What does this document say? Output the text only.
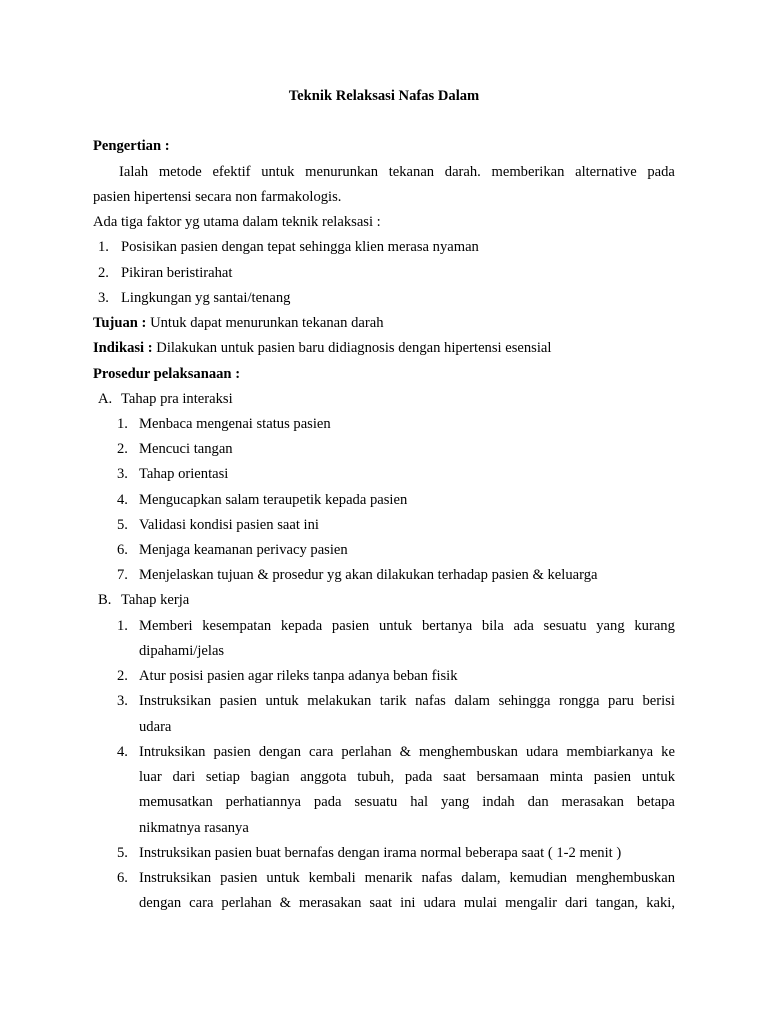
Teknik Relaksasi Nafas Dalam
Pengertian :
Ialah metode efektif untuk menurunkan tekanan darah. memberikan alternative pada
pasien hipertensi secara non farmakologis.
Ada tiga faktor yg utama dalam teknik relaksasi :
1. Posisikan pasien dengan tepat sehingga klien merasa nyaman
2. Pikiran beristirahat
3. Lingkungan yg santai/tenang
Tujuan : Untuk dapat menurunkan tekanan darah
Indikasi : Dilakukan untuk pasien baru didiagnosis dengan hipertensi esensial
Prosedur pelaksanaan :
A. Tahap pra interaksi
1. Menbaca mengenai status pasien
2. Mencuci tangan
3. Tahap orientasi
4. Mengucapkan salam teraupetik kepada pasien
5. Validasi kondisi pasien saat ini
6. Menjaga keamanan perivacy pasien
7. Menjelaskan tujuan & prosedur yg akan dilakukan terhadap pasien & keluarga
B. Tahap kerja
1. Memberi kesempatan kepada pasien untuk bertanya bila ada sesuatu yang kurang
dipahami/jelas
2. Atur posisi pasien agar rileks tanpa adanya beban fisik
3. Instruksikan pasien untuk melakukan tarik nafas dalam sehingga rongga paru berisi
udara
4. Intruksikan pasien dengan cara perlahan & menghembuskan udara membiarkanya ke
luar dari setiap bagian anggota tubuh, pada saat bersamaan minta pasien untuk
memusatkan perhatiannya pada sesuatu hal yang indah dan merasakan betapa
nikmatnya rasanya
5. Instruksikan pasien buat bernafas dengan irama normal beberapa saat ( 1-2 menit )
6. Instruksikan pasien untuk kembali menarik nafas dalam, kemudian menghembuskan
dengan cara perlahan & merasakan saat ini udara mulai mengalir dari tangan, kaki,
